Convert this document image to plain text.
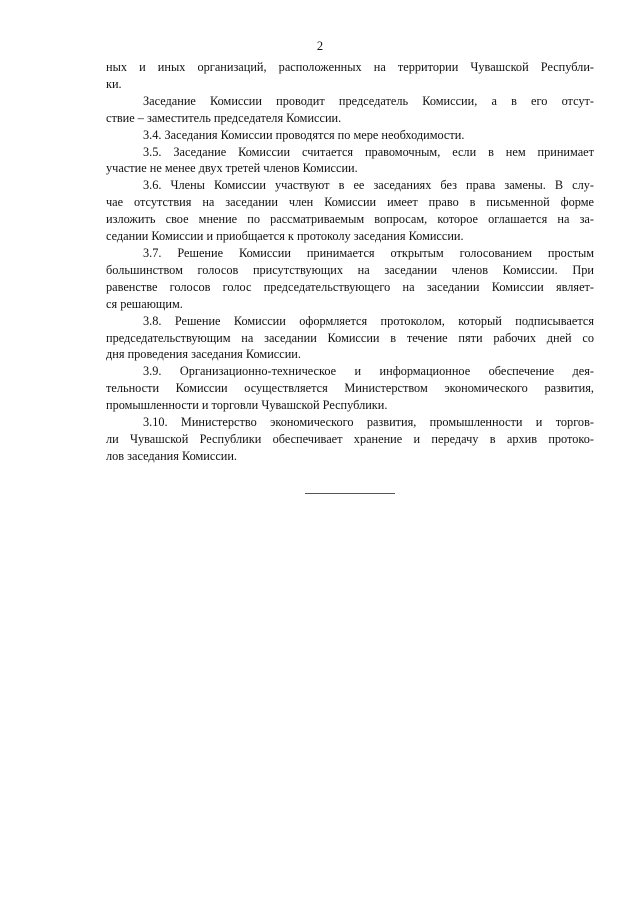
2
ных и иных организаций, расположенных на территории Чувашской Республи-
ки.
Заседание Комиссии проводит председатель Комиссии, а в его отсут-
ствие – заместитель председателя Комиссии.
3.4. Заседания Комиссии проводятся по мере необходимости.
3.5. Заседание Комиссии считается правомочным, если в нем принимает
участие не менее двух третей членов Комиссии.
3.6. Члены Комиссии участвуют в ее заседаниях без права замены. В слу-
чае отсутствия на заседании член Комиссии имеет право в письменной форме
изложить свое мнение по рассматриваемым вопросам, которое оглашается на за-
седании Комиссии и приобщается к протоколу заседания Комиссии.
3.7. Решение Комиссии принимается открытым голосованием простым
большинством голосов присутствующих на заседании членов Комиссии. При
равенстве голосов голос председательствующего на заседании Комиссии являет-
ся решающим.
3.8. Решение Комиссии оформляется протоколом, который подписывается
председательствующим на заседании Комиссии в течение пяти рабочих дней со
дня проведения заседания Комиссии.
3.9. Организационно-техническое и информационное обеспечение дея-
тельности Комиссии осуществляется Министерством экономического развития,
промышленности и торговли Чувашской Республики.
3.10. Министерство экономического развития, промышленности и торгов-
ли Чувашской Республики обеспечивает хранение и передачу в архив протоко-
лов заседания Комиссии.
